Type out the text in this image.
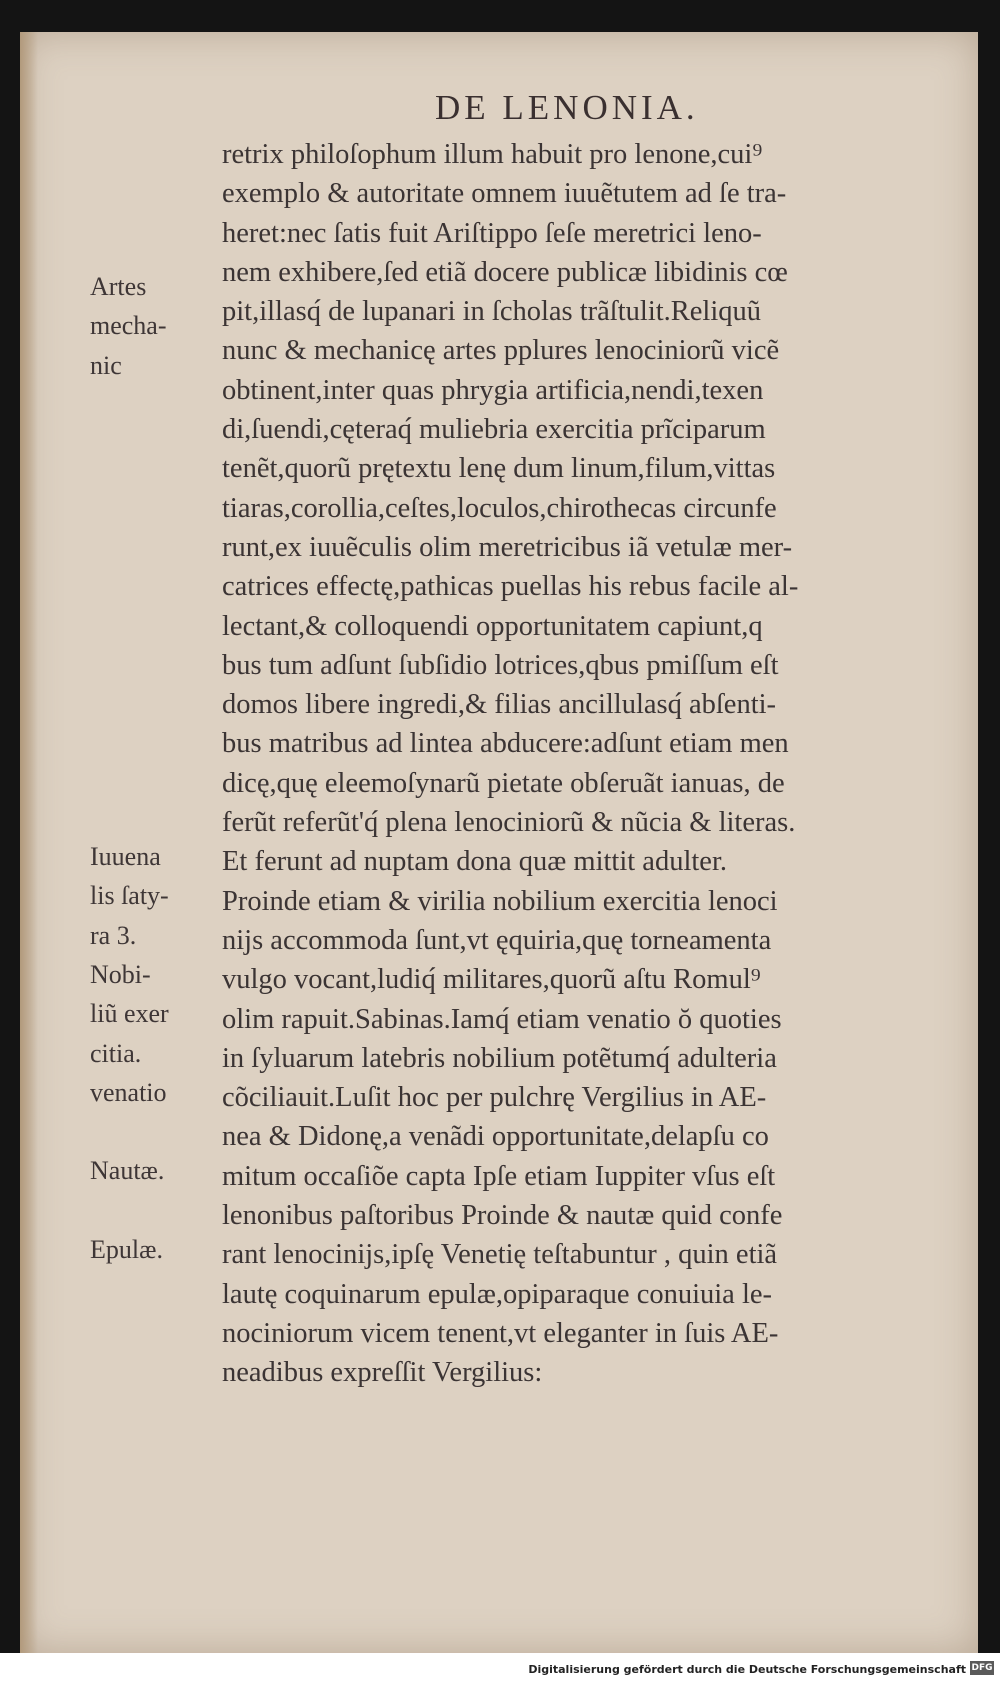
DE LENONIA.
retrix philoſophum illum habuit pro lenone,cui⁹
exemplo & autoritate omnem iuuẽtutem ad ſe tra-
heret:nec ſatis fuit Ariſtippo ſeſe meretrici leno-
nem exhibere,ſed etiã docere publicæ libidinis cœ
pit,illasq́ de lupanari in ſcholas trãſtulit.Reliquũ
nunc & mechanicę artes pplures lenociniorũ vicẽ
obtinent,inter quas phrygia artificia,nendi,texen
di,ſuendi,cęteraq́ muliebria exercitia prĩciparum
tenẽt,quorũ prętextu lenę dum linum,filum,vittas
tiaras,corollia,ceſtes,loculos,chirothecas circunfe
runt,ex iuuẽculis olim meretricibus iã vetulæ mer-
catrices effectę,pathicas puellas his rebus facile al-
lectant,& colloquendi opportunitatem capiunt,q
bus tum adſunt ſubſidio lotrices,qbus pmiſſum eſt
domos libere ingredi,& filias ancillulasq́ abſenti-
bus matribus ad lintea abducere:adſunt etiam men
dicę,quę eleemoſynarũ pietate obſeruãt ianuas, de
ferũt referũt'q́ plena lenociniorũ & nũcia & literas.
Et ferunt ad nuptam dona quæ mittit adulter.
Proinde etiam & virilia nobilium exercitia lenoci
nijs accommoda ſunt,vt ęquiria,quę torneamenta
vulgo vocant,ludiq́ militares,quorũ aſtu Romul⁹
olim rapuit.Sabinas.Iamq́ etiam venatio ŏ quoties
in ſyluarum latebris nobilium potẽtumq́ adulteria
cõciliauit.Luſit hoc per pulchrę Vergilius in AE-
nea & Didonę,a venãdi opportunitate,delapſu co
mitum occaſiõe capta Ipſe etiam Iuppiter vſus eſt
lenonibus paſtoribus Proinde & nautæ quid confe
rant lenocinijs,ipſę Venetię teſtabuntur , quin etiã
lautę coquinarum epulæ,opiparaque conuiuia le-
nociniorum vicem tenent,vt eleganter in ſuis AE-
neadibus expreſſit Vergilius:
Artes
mecha-
nic
Iuuena
lis ſaty-
ra 3.
Nobi-
liũ exer
citia.
venatio
Nautæ.
Epulæ.
Digitalisierung gefördert durch die Deutsche Forschungsgemeinschaft DFG
